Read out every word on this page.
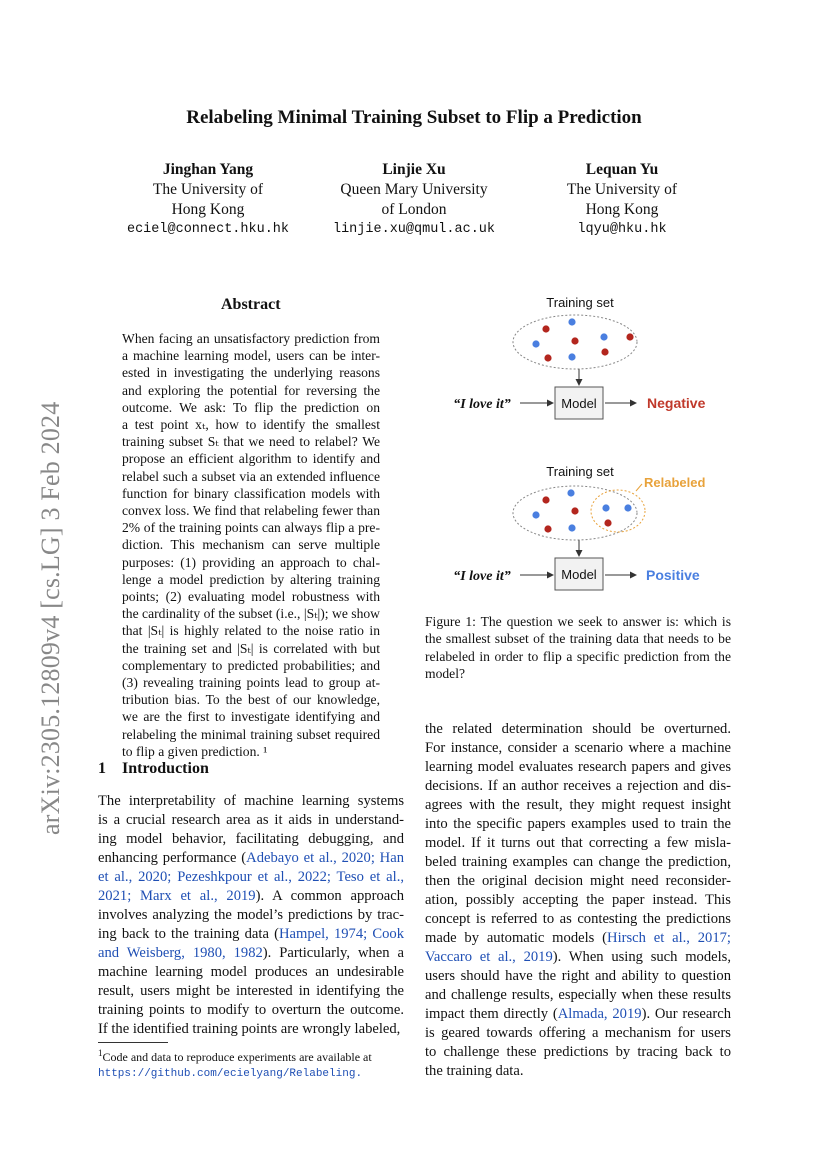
arXiv:2305.12809v4 [cs.LG] 3 Feb 2024
Relabeling Minimal Training Subset to Flip a Prediction
Jinghan Yang
The University of
Hong Kong
eciel@connect.hku.hk
Linjie Xu
Queen Mary University
of London
linjie.xu@qmul.ac.uk
Lequan Yu
The University of
Hong Kong
lqyu@hku.hk
Abstract
When facing an unsatisfactory prediction from
a machine learning model, users can be inter-
ested in investigating the underlying reasons
and exploring the potential for reversing the
outcome. We ask: To flip the prediction on
a test point xₜ, how to identify the smallest
training subset Sₜ that we need to relabel? We
propose an efficient algorithm to identify and
relabel such a subset via an extended influence
function for binary classification models with
convex loss. We find that relabeling fewer than
2% of the training points can always flip a pre-
diction. This mechanism can serve multiple
purposes: (1) providing an approach to chal-
lenge a model prediction by altering training
points; (2) evaluating model robustness with
the cardinality of the subset (i.e., |Sₜ|); we show
that |Sₜ| is highly related to the noise ratio in
the training set and |Sₜ| is correlated with but
complementary to predicted probabilities; and
(3) revealing training points lead to group at-
tribution bias. To the best of our knowledge,
we are the first to investigate identifying and
relabeling the minimal training subset required
to flip a given prediction. ¹
1 Introduction
The interpretability of machine learning systems
is a crucial research area as it aids in understand-
ing model behavior, facilitating debugging, and
enhancing performance (Adebayo et al., 2020; Han
et al., 2020; Pezeshkpour et al., 2022; Teso et al.,
2021; Marx et al., 2019). A common approach
involves analyzing the model’s predictions by trac-
ing back to the training data (Hampel, 1974; Cook
and Weisberg, 1980, 1982). Particularly, when a
machine learning model produces an undesirable
result, users might be interested in identifying the
training points to modify to overturn the outcome.
If the identified training points are wrongly labeled,
the related determination should be overturned.
For instance, consider a scenario where a machine
learning model evaluates research papers and gives
decisions. If an author receives a rejection and dis-
agrees with the result, they might request insight
into the specific papers examples used to train the
model. If it turns out that correcting a few misla-
beled training examples can change the prediction,
then the original decision might need reconsider-
ation, possibly accepting the paper instead. This
concept is referred to as contesting the predictions
made by automatic models (Hirsch et al., 2017;
Vaccaro et al., 2019). When using such models,
users should have the right and ability to question
and challenge results, especially when these results
impact them directly (Almada, 2019). Our research
is geared towards offering a mechanism for users
to challenge these predictions by tracing back to
the training data.
Training set
Model
“I love it”	Negative
Training set
Relabeled
Model
“I love it”	Positive
Figure 1: The question we seek to answer is: which is
the smallest subset of the training data that needs to be
relabeled in order to flip a specific prediction from the
model?
$^1$Code and data to reproduce experiments are available at
https://github.com/ecielyang/Relabeling.
